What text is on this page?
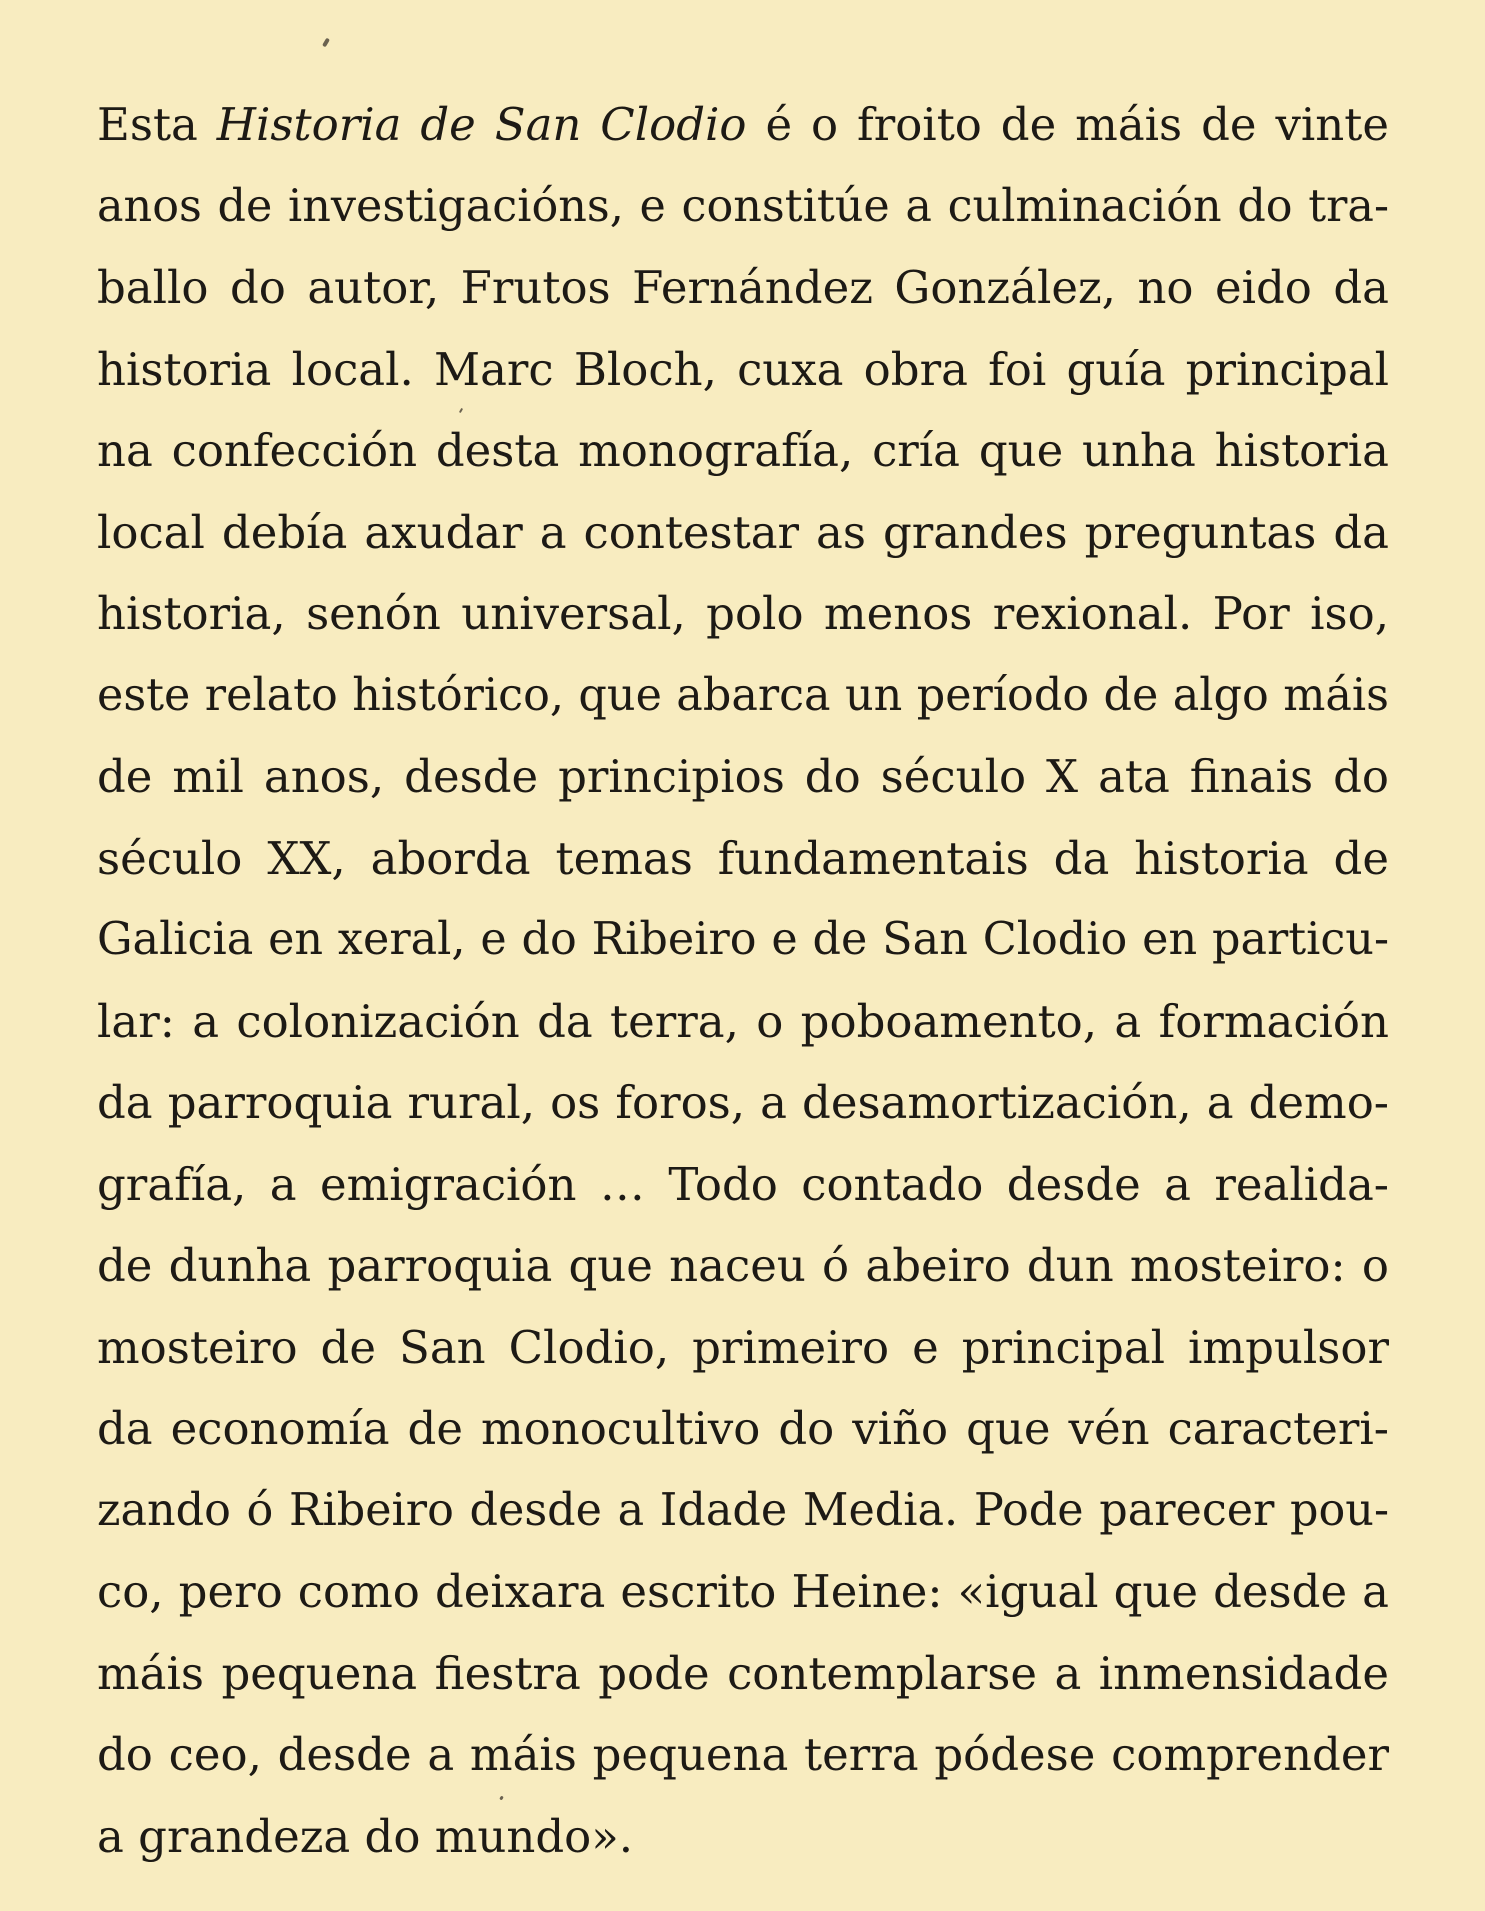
Esta Historia de San Clodio é o froito de máis de vinte
anos de investigacións, e constitúe a culminación do tra-
ballo do autor, Frutos Fernández González, no eido da
historia local. Marc Bloch, cuxa obra foi guía principal
na confección desta monografía, cría que unha historia
local debía axudar a contestar as grandes preguntas da
historia, senón universal, polo menos rexional. Por iso,
este relato histórico, que abarca un período de algo máis
de mil anos, desde principios do século X ata finais do
século XX, aborda temas fundamentais da historia de
Galicia en xeral, e do Ribeiro e de San Clodio en particu-
lar: a colonización da terra, o poboamento, a formación
da parroquia rural, os foros, a desamortización, a demo-
grafía, a emigración … Todo contado desde a realida-
de dunha parroquia que naceu ó abeiro dun mosteiro: o
mosteiro de San Clodio, primeiro e principal impulsor
da economía de monocultivo do viño que vén caracteri-
zando ó Ribeiro desde a Idade Media. Pode parecer pou-
co, pero como deixara escrito Heine: «igual que desde a
máis pequena fiestra pode contemplarse a inmensidade
do ceo, desde a máis pequena terra pódese comprender
a grandeza do mundo».
